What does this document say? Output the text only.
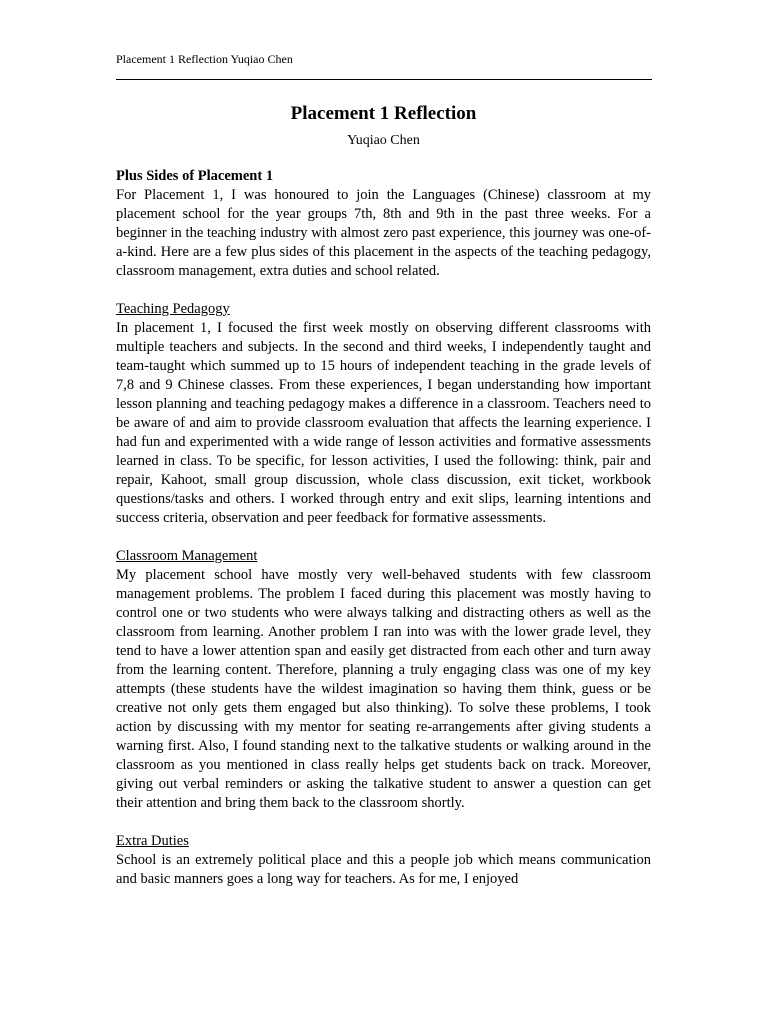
Placement 1 Reflection Yuqiao Chen
Placement 1 Reflection
Yuqiao Chen
Plus Sides of Placement 1

For Placement 1, I was honoured to join the Languages (Chinese) classroom at my placement school for the year groups 7th, 8th and 9th in the past three weeks. For a beginner in the teaching industry with almost zero past experience, this journey was one-of-a-kind. Here are a few plus sides of this placement in the aspects of the teaching pedagogy, classroom management, extra duties and school related.

Teaching Pedagogy

In placement 1, I focused the first week mostly on observing different classrooms with multiple teachers and subjects. In the second and third weeks, I independently taught and team-taught which summed up to 15 hours of independent teaching in the grade levels of 7,8 and 9 Chinese classes. From these experiences, I began understanding how important lesson planning and teaching pedagogy makes a difference in a classroom. Teachers need to be aware of and aim to provide classroom evaluation that affects the learning experience. I had fun and experimented with a wide range of lesson activities and formative assessments learned in class. To be specific, for lesson activities, I used the following: think, pair and repair, Kahoot, small group discussion, whole class discussion, exit ticket, workbook questions/tasks and others. I worked through entry and exit slips, learning intentions and success criteria, observation and peer feedback for formative assessments.

Classroom Management

My placement school have mostly very well-behaved students with few classroom management problems. The problem I faced during this placement was mostly having to control one or two students who were always talking and distracting others as well as the classroom from learning. Another problem I ran into was with the lower grade level, they tend to have a lower attention span and easily get distracted from each other and turn away from the learning content. Therefore, planning a truly engaging class was one of my key attempts (these students have the wildest imagination so having them think, guess or be creative not only gets them engaged but also thinking). To solve these problems, I took action by discussing with my mentor for seating re-arrangements after giving students a warning first. Also, I found standing next to the talkative students or walking around in the classroom as you mentioned in class really helps get students back on track. Moreover, giving out verbal reminders or asking the talkative student to answer a question can get their attention and bring them back to the classroom shortly.

Extra Duties

School is an extremely political place and this a people job which means communication and basic manners goes a long way for teachers. As for me, I enjoyed
